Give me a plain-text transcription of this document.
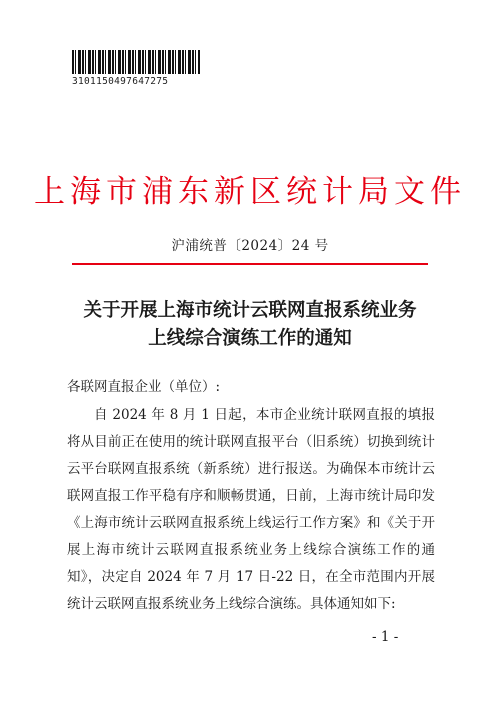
3101150497647275
上海市浦东新区统计局文件
沪浦统普〔2024〕24 号
关于开展上海市统计云联网直报系统业务
上线综合演练工作的通知
各联网直报企业（单位）:
自 2024 年 8 月 1 日起，本市企业统计联网直报的填报将从目前正在使用的统计联网直报平台（旧系统）切换到统计云平台联网直报系统（新系统）进行报送。为确保本市统计云联网直报工作平稳有序和顺畅贯通，日前，上海市统计局印发《上海市统计云联网直报系统上线运行工作方案》和《关于开展上海市统计云联网直报系统业务上线综合演练工作的通知》，决定自 2024 年 7 月 17 日-22 日，在全市范围内开展统计云联网直报系统业务上线综合演练。具体通知如下:
- 1 -
